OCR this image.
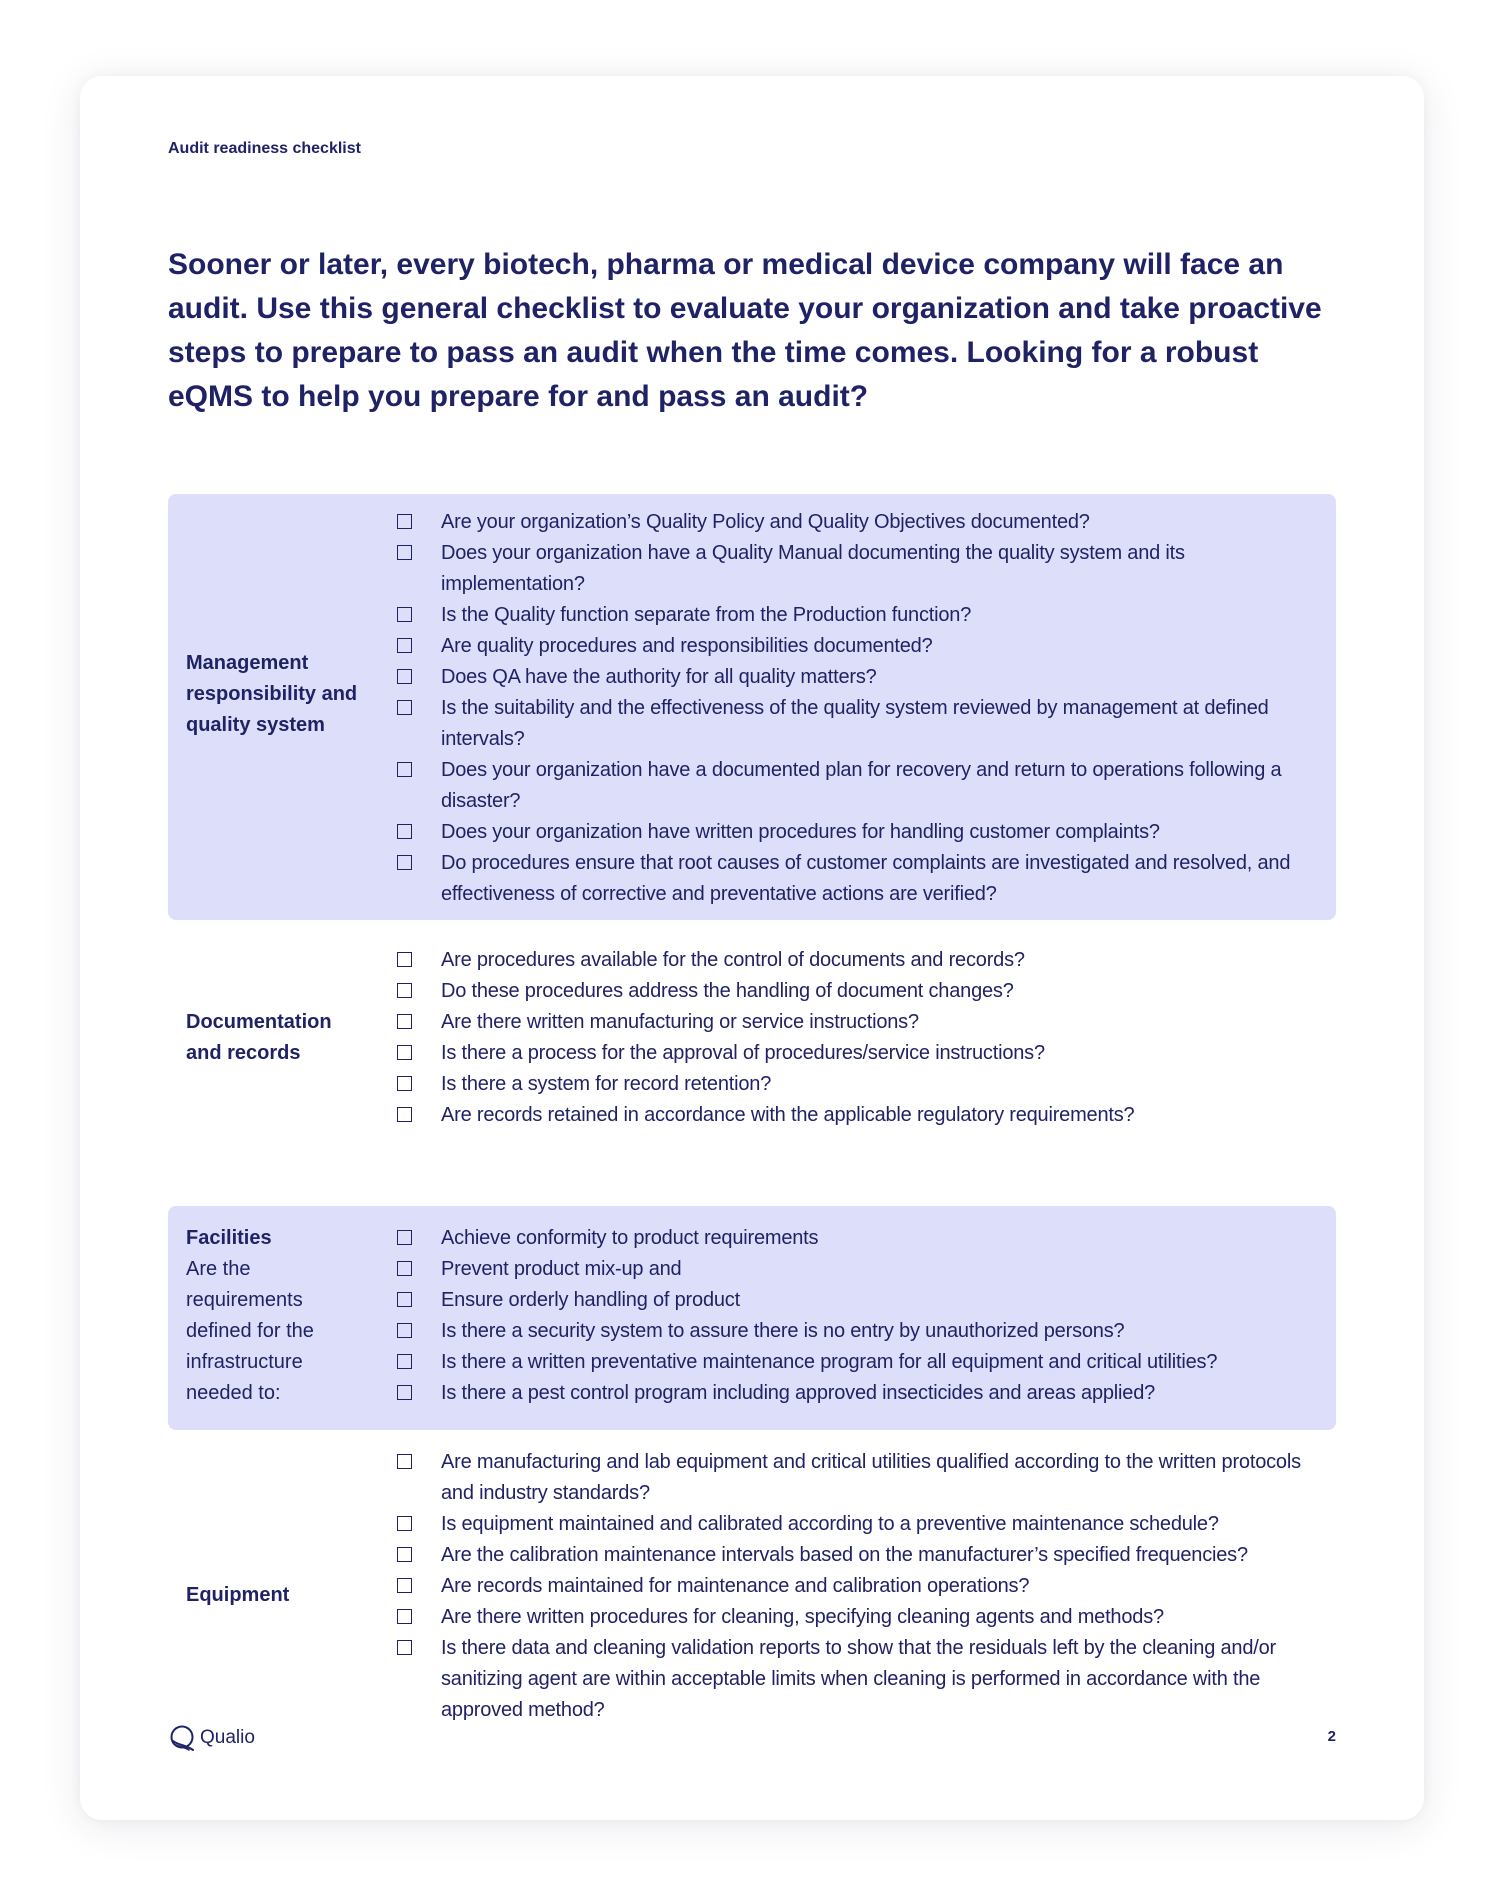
Audit readiness checklist

Sooner or later, every biotech, pharma or medical device company will face an audit. Use this general checklist to evaluate your organization and take proactive steps to prepare to pass an audit when the time comes. Looking for a robust eQMS to help you prepare for and pass an audit?

Management responsibility and quality system
Are your organization’s Quality Policy and Quality Objectives documented?
Does your organization have a Quality Manual documenting the quality system and its implementation?
Is the Quality function separate from the Production function?
Are quality procedures and responsibilities documented?
Does QA have the authority for all quality matters?
Is the suitability and the effectiveness of the quality system reviewed by management at defined intervals?
Does your organization have a documented plan for recovery and return to operations following a disaster?
Does your organization have written procedures for handling customer complaints?
Do procedures ensure that root causes of customer complaints are investigated and resolved, and effectiveness of corrective and preventative actions are verified?
Documentation and records
Are procedures available for the control of documents and records?
Do these procedures address the handling of document changes?
Are there written manufacturing or service instructions?
Is there a process for the approval of procedures/service instructions?
Is there a system for record retention?
Are records retained in accordance with the applicable regulatory requirements?
Facilities
Are the requirements defined for the infrastructure needed to:
Achieve conformity to product requirements
Prevent product mix-up and
Ensure orderly handling of product
Is there a security system to assure there is no entry by unauthorized persons?
Is there a written preventative maintenance program for all equipment and critical utilities?
Is there a pest control program including approved insecticides and areas applied?
Equipment
Are manufacturing and lab equipment and critical utilities qualified according to the written protocols and industry standards?
Is equipment maintained and calibrated according to a preventive maintenance schedule?
Are the calibration maintenance intervals based on the manufacturer’s specified frequencies?
Are records maintained for maintenance and calibration operations?
Are there written procedures for cleaning, specifying cleaning agents and methods?
Is there data and cleaning validation reports to show that the residuals left by the cleaning and/or sanitizing agent are within acceptable limits when cleaning is performed in accordance with the approved method?
Qualio	2
